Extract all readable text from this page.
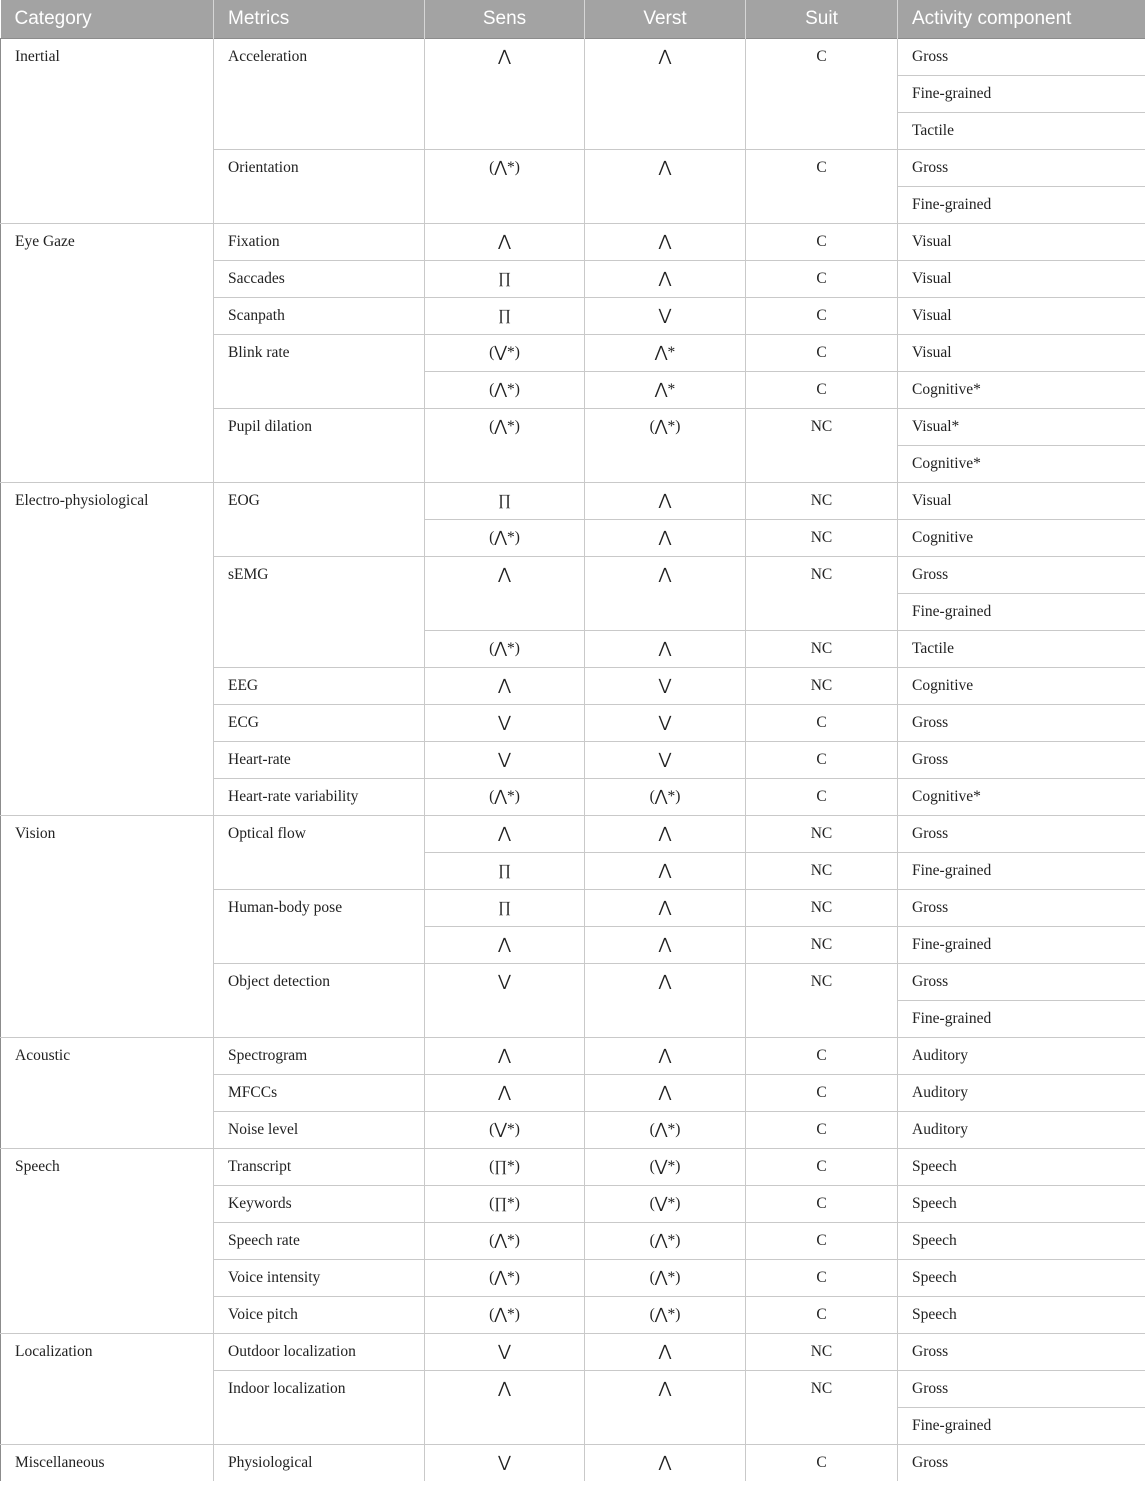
Category	Metrics	Sens	Verst	Suit	Activity component
Inertial	Acceleration	⋀	⋀	C	Gross
					Fine-grained
					Tactile
	Orientation	(⋀*)	⋀	C	Gross
					Fine-grained
Eye Gaze	Fixation	⋀	⋀	C	Visual
	Saccades	∏	⋀	C	Visual
	Scanpath	∏	⋁	C	Visual
	Blink rate	(⋁*)	⋀*	C	Visual
		(⋀*)	⋀*	C	Cognitive*
	Pupil dilation	(⋀*)	(⋀*)	NC	Visual*
					Cognitive*
Electro-physiological	EOG	∏	⋀	NC	Visual
		(⋀*)	⋀	NC	Cognitive
	sEMG	⋀	⋀	NC	Gross
					Fine-grained
		(⋀*)	⋀	NC	Tactile
	EEG	⋀	⋁	NC	Cognitive
	ECG	⋁	⋁	C	Gross
	Heart-rate	⋁	⋁	C	Gross
	Heart-rate variability	(⋀*)	(⋀*)	C	Cognitive*
Vision	Optical flow	⋀	⋀	NC	Gross
		∏	⋀	NC	Fine-grained
	Human-body pose	∏	⋀	NC	Gross
		⋀	⋀	NC	Fine-grained
	Object detection	⋁	⋀	NC	Gross
					Fine-grained
Acoustic	Spectrogram	⋀	⋀	C	Auditory
	MFCCs	⋀	⋀	C	Auditory
	Noise level	(⋁*)	(⋀*)	C	Auditory
Speech	Transcript	(∏*)	(⋁*)	C	Speech
	Keywords	(∏*)	(⋁*)	C	Speech
	Speech rate	(⋀*)	(⋀*)	C	Speech
	Voice intensity	(⋀*)	(⋀*)	C	Speech
	Voice pitch	(⋀*)	(⋀*)	C	Speech
Localization	Outdoor localization	⋁	⋀	NC	Gross
	Indoor localization	⋀	⋀	NC	Gross
					Fine-grained
Miscellaneous	Physiological	⋁	⋀	C	Gross
